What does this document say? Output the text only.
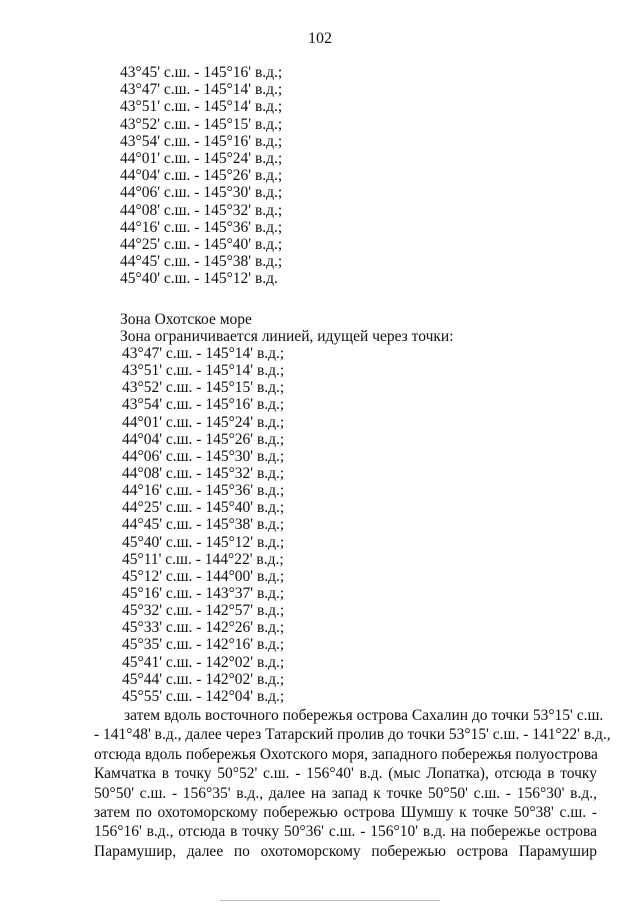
102
43°45' с.ш. - 145°16' в.д.;
43°47' с.ш. - 145°14' в.д.;
43°51' с.ш. - 145°14' в.д.;
43°52' с.ш. - 145°15' в.д.;
43°54' с.ш. - 145°16' в.д.;
44°01' с.ш. - 145°24' в.д.;
44°04' с.ш. - 145°26' в.д.;
44°06' с.ш. - 145°30' в.д.;
44°08' с.ш. - 145°32' в.д.;
44°16' с.ш. - 145°36' в.д.;
44°25' с.ш. - 145°40' в.д.;
44°45' с.ш. - 145°38' в.д.;
45°40' с.ш. - 145°12' в.д.
Зона Охотское море
Зона ограничивается линией, идущей через точки:
43°47' с.ш. - 145°14' в.д.;
43°51' с.ш. - 145°14' в.д.;
43°52' с.ш. - 145°15' в.д.;
43°54' с.ш. - 145°16' в.д.;
44°01' с.ш. - 145°24' в.д.;
44°04' с.ш. - 145°26' в.д.;
44°06' с.ш. - 145°30' в.д.;
44°08' с.ш. - 145°32' в.д.;
44°16' с.ш. - 145°36' в.д.;
44°25' с.ш. - 145°40' в.д.;
44°45' с.ш. - 145°38' в.д.;
45°40' с.ш. - 145°12' в.д.;
45°11' с.ш. - 144°22' в.д.;
45°12' с.ш. - 144°00' в.д.;
45°16' с.ш. - 143°37' в.д.;
45°32' с.ш. - 142°57' в.д.;
45°33' с.ш. - 142°26' в.д.;
45°35' с.ш. - 142°16' в.д.;
45°41' с.ш. - 142°02' в.д.;
45°44' с.ш. - 142°02' в.д.;
45°55' с.ш. - 142°04' в.д.;
затем вдоль восточного побережья острова Сахалин до точки 53°15' с.ш.
- 141°48' в.д., далее через Татарский пролив до точки 53°15' с.ш. - 141°22' в.д.,
отсюда вдоль побережья Охотского моря, западного побережья полуострова
Камчатка в точку 50°52' с.ш. - 156°40' в.д. (мыс Лопатка), отсюда в точку
50°50' с.ш. - 156°35' в.д., далее на запад к точке 50°50' с.ш. - 156°30' в.д.,
затем по охотоморскому побережью острова Шумшу к точке 50°38' с.ш. -
156°16' в.д., отсюда в точку 50°36' с.ш. - 156°10' в.д. на побережье острова
Парамушир, далее по охотоморскому побережью острова Парамушир
